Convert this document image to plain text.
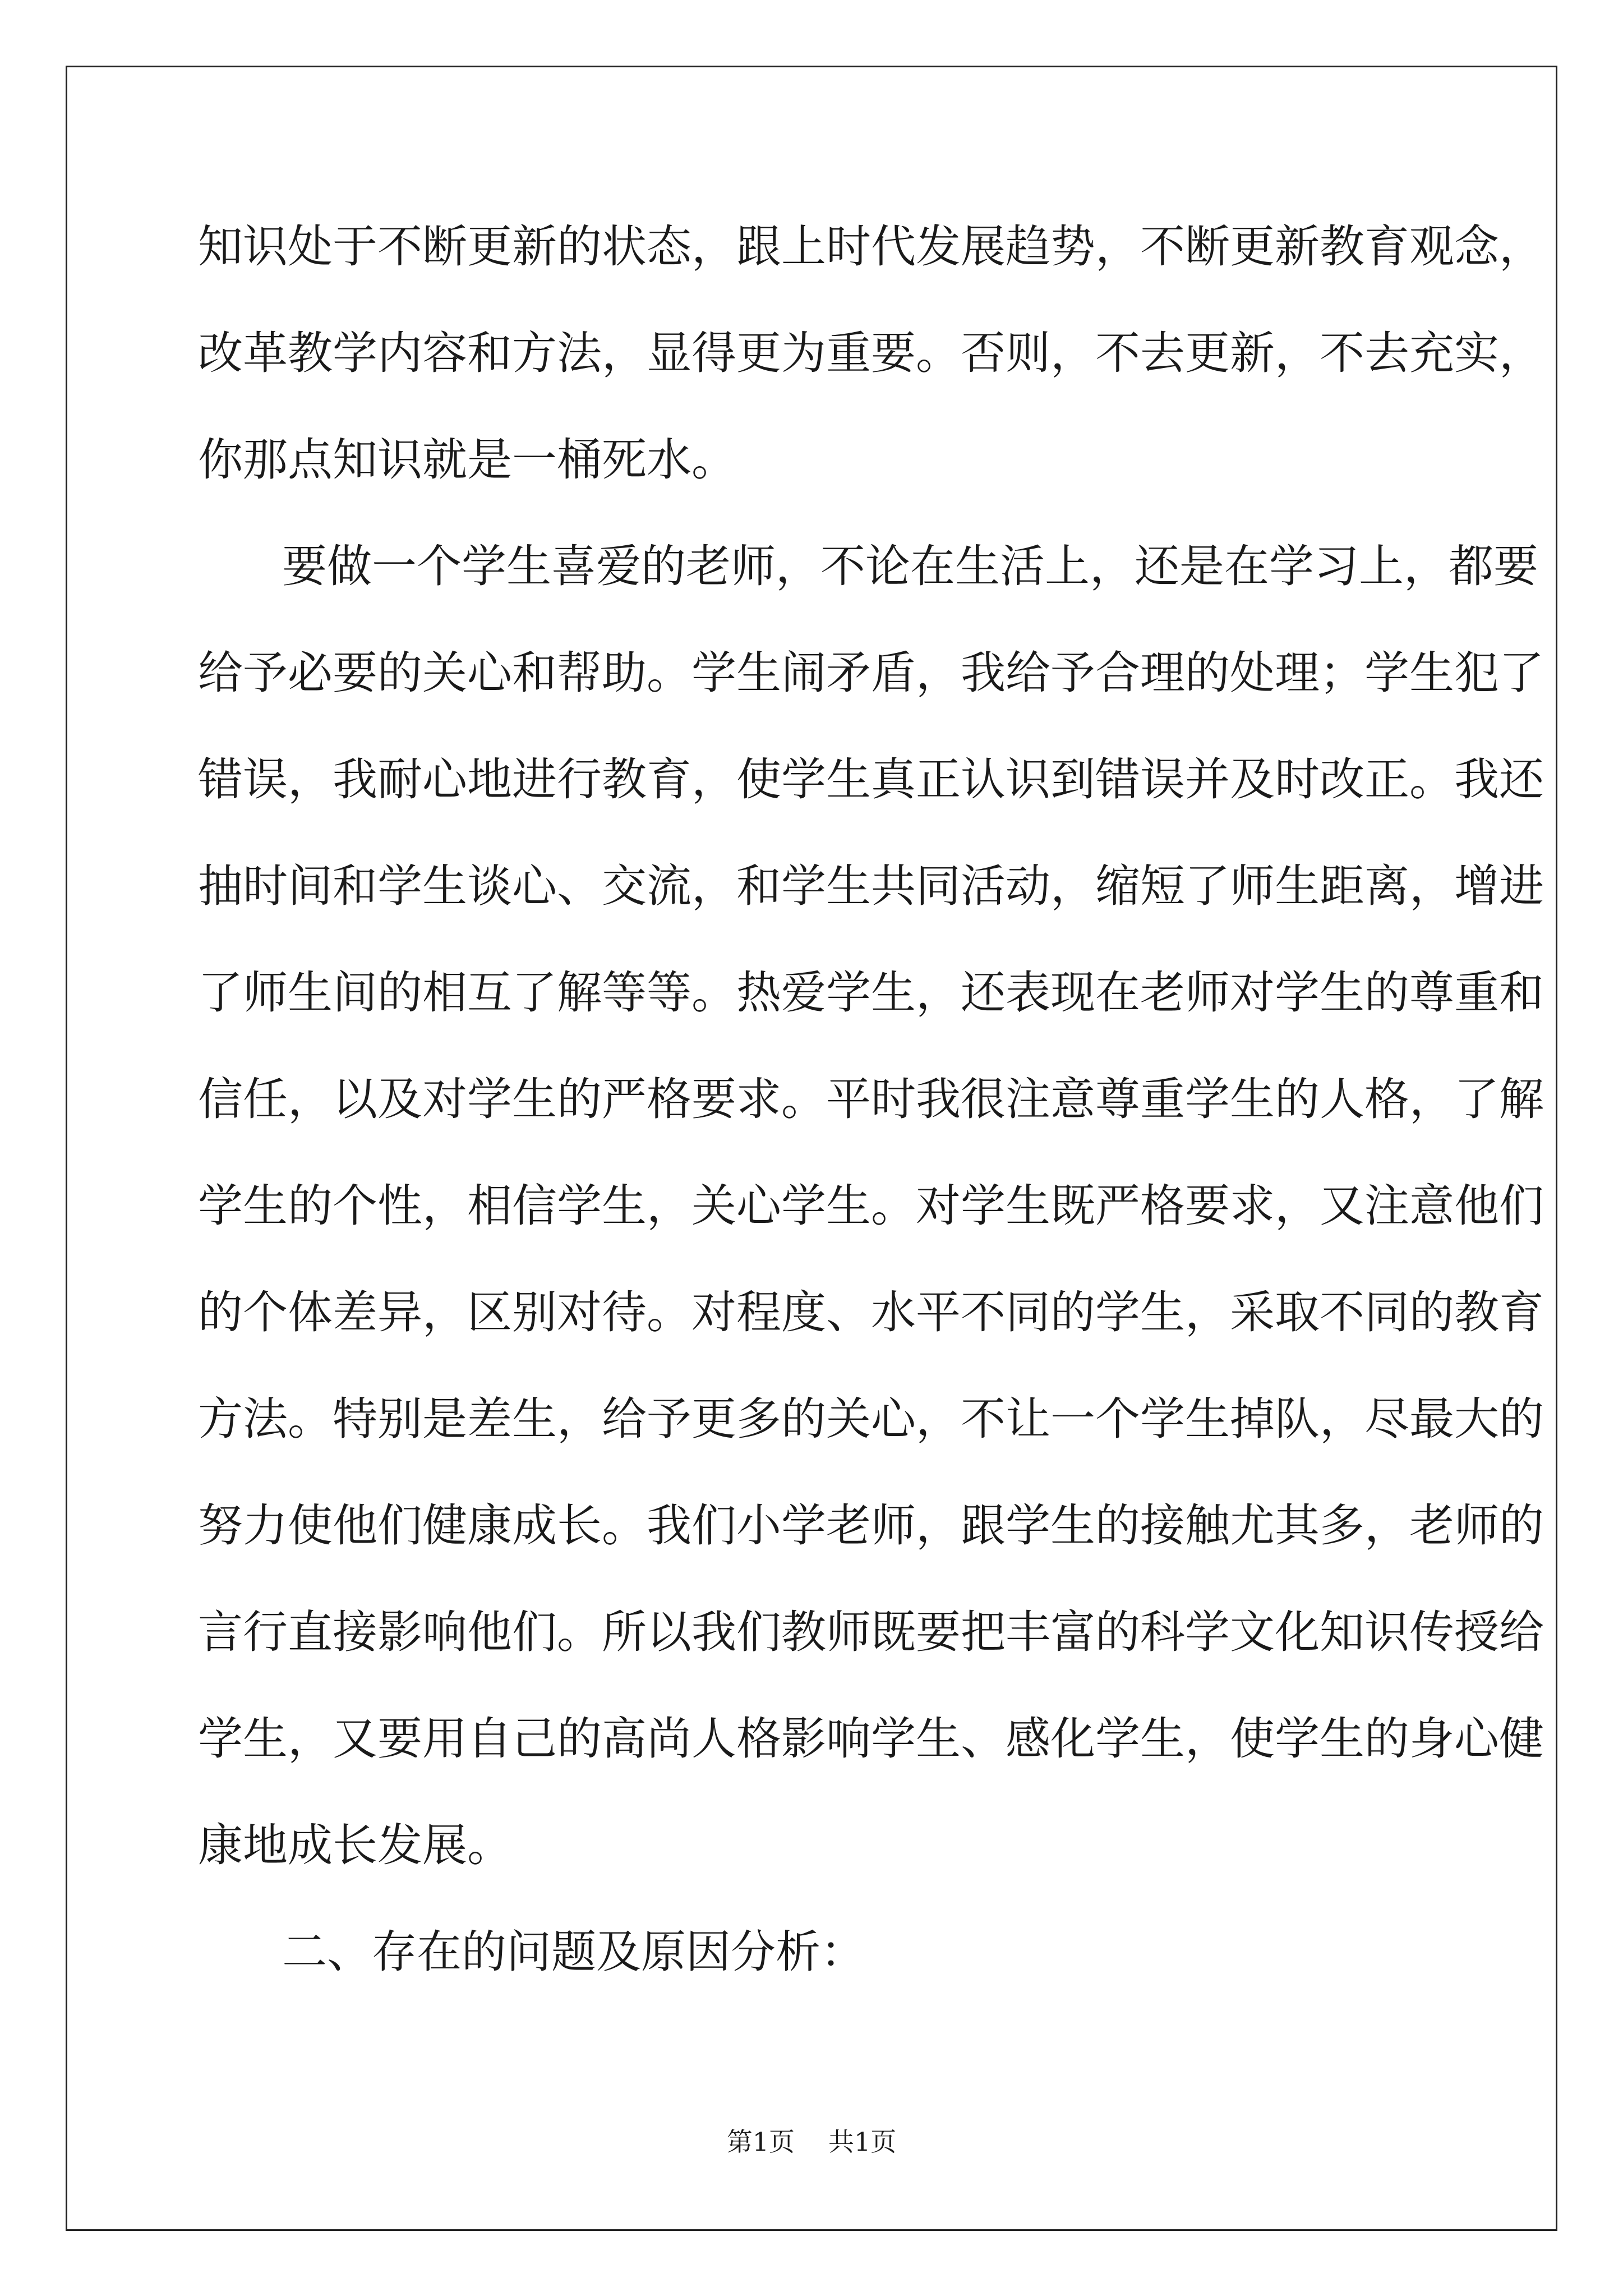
知识处于不断更新的状态，跟上时代发展趋势，不断更新教育观念，
改革教学内容和方法，显得更为重要。否则，不去更新，不去充实，
你那点知识就是一桶死水。
要做一个学生喜爱的老师，不论在生活上，还是在学习上，都要
给予必要的关心和帮助。学生闹矛盾，我给予合理的处理；学生犯了
错误，我耐心地进行教育，使学生真正认识到错误并及时改正。我还
抽时间和学生谈心、交流，和学生共同活动，缩短了师生距离，增进
了师生间的相互了解等等。热爱学生，还表现在老师对学生的尊重和
信任，以及对学生的严格要求。平时我很注意尊重学生的人格，了解
学生的个性，相信学生，关心学生。对学生既严格要求，又注意他们
的个体差异，区别对待。对程度、水平不同的学生，采取不同的教育
方法。特别是差生，给予更多的关心，不让一个学生掉队，尽最大的
努力使他们健康成长。我们小学老师，跟学生的接触尤其多，老师的
言行直接影响他们。所以我们教师既要把丰富的科学文化知识传授给
学生，又要用自己的高尚人格影响学生、感化学生，使学生的身心健
康地成长发展。
二、存在的问题及原因分析：
第1页 共1页
